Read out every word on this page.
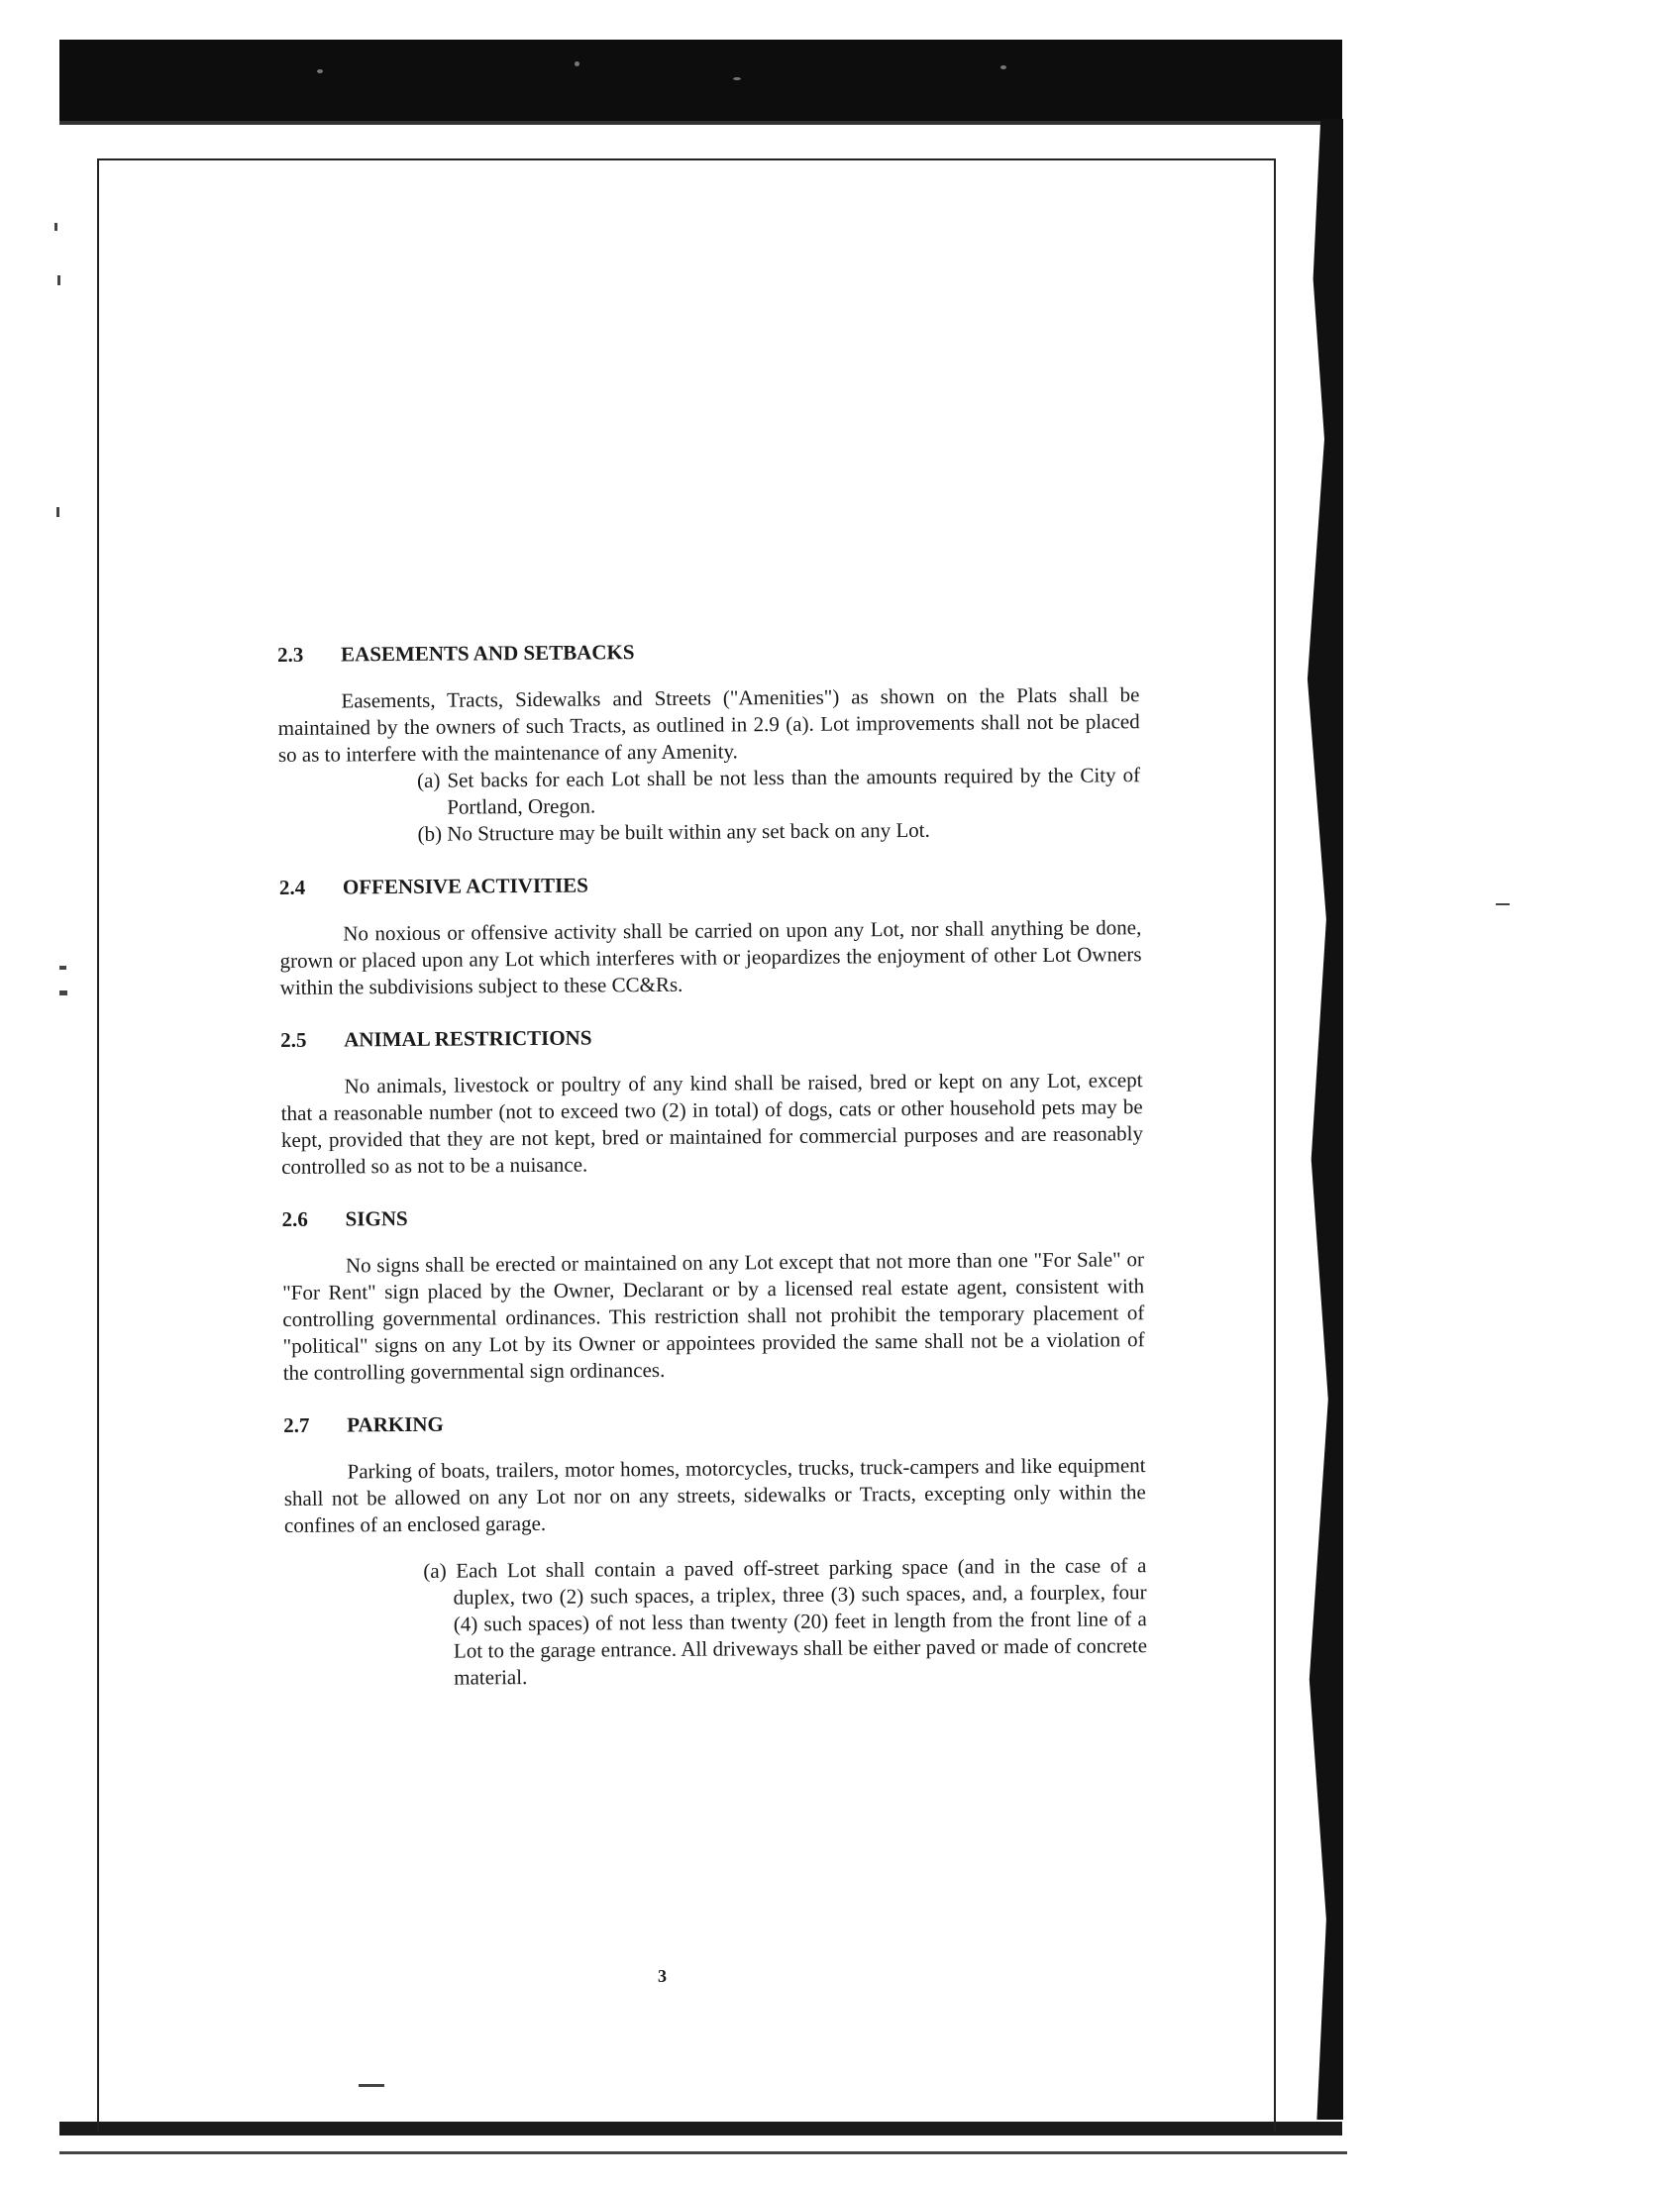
2.3	EASEMENTS AND SETBACKS

Easements, Tracts, Sidewalks and Streets ("Amenities") as shown on the Plats shall be maintained by the owners of such Tracts, as outlined in 2.9 (a). Lot improvements shall not be placed so as to interfere with the maintenance of any Amenity.

(a) Set backs for each Lot shall be not less than the amounts required by the City of Portland, Oregon.

(b) No Structure may be built within any set back on any Lot.

2.4	OFFENSIVE ACTIVITIES

No noxious or offensive activity shall be carried on upon any Lot, nor shall anything be done, grown or placed upon any Lot which interferes with or jeopardizes the enjoyment of other Lot Owners within the subdivisions subject to these CC&Rs.

2.5	ANIMAL RESTRICTIONS

No animals, livestock or poultry of any kind shall be raised, bred or kept on any Lot, except that a reasonable number (not to exceed two (2) in total) of dogs, cats or other household pets may be kept, provided that they are not kept, bred or maintained for commercial purposes and are reasonably controlled so as not to be a nuisance.

2.6	SIGNS

No signs shall be erected or maintained on any Lot except that not more than one "For Sale" or "For Rent" sign placed by the Owner, Declarant or by a licensed real estate agent, consistent with controlling governmental ordinances. This restriction shall not prohibit the temporary placement of "political" signs on any Lot by its Owner or appointees provided the same shall not be a violation of the controlling governmental sign ordinances.

2.7	PARKING

Parking of boats, trailers, motor homes, motorcycles, trucks, truck-campers and like equipment shall not be allowed on any Lot nor on any streets, sidewalks or Tracts, excepting only within the confines of an enclosed garage.

(a) Each Lot shall contain a paved off-street parking space (and in the case of a duplex, two (2) such spaces, a triplex, three (3) such spaces, and, a fourplex, four (4) such spaces) of not less than twenty (20) feet in length from the front line of a Lot to the garage entrance. All driveways shall be either paved or made of concrete material.

3
